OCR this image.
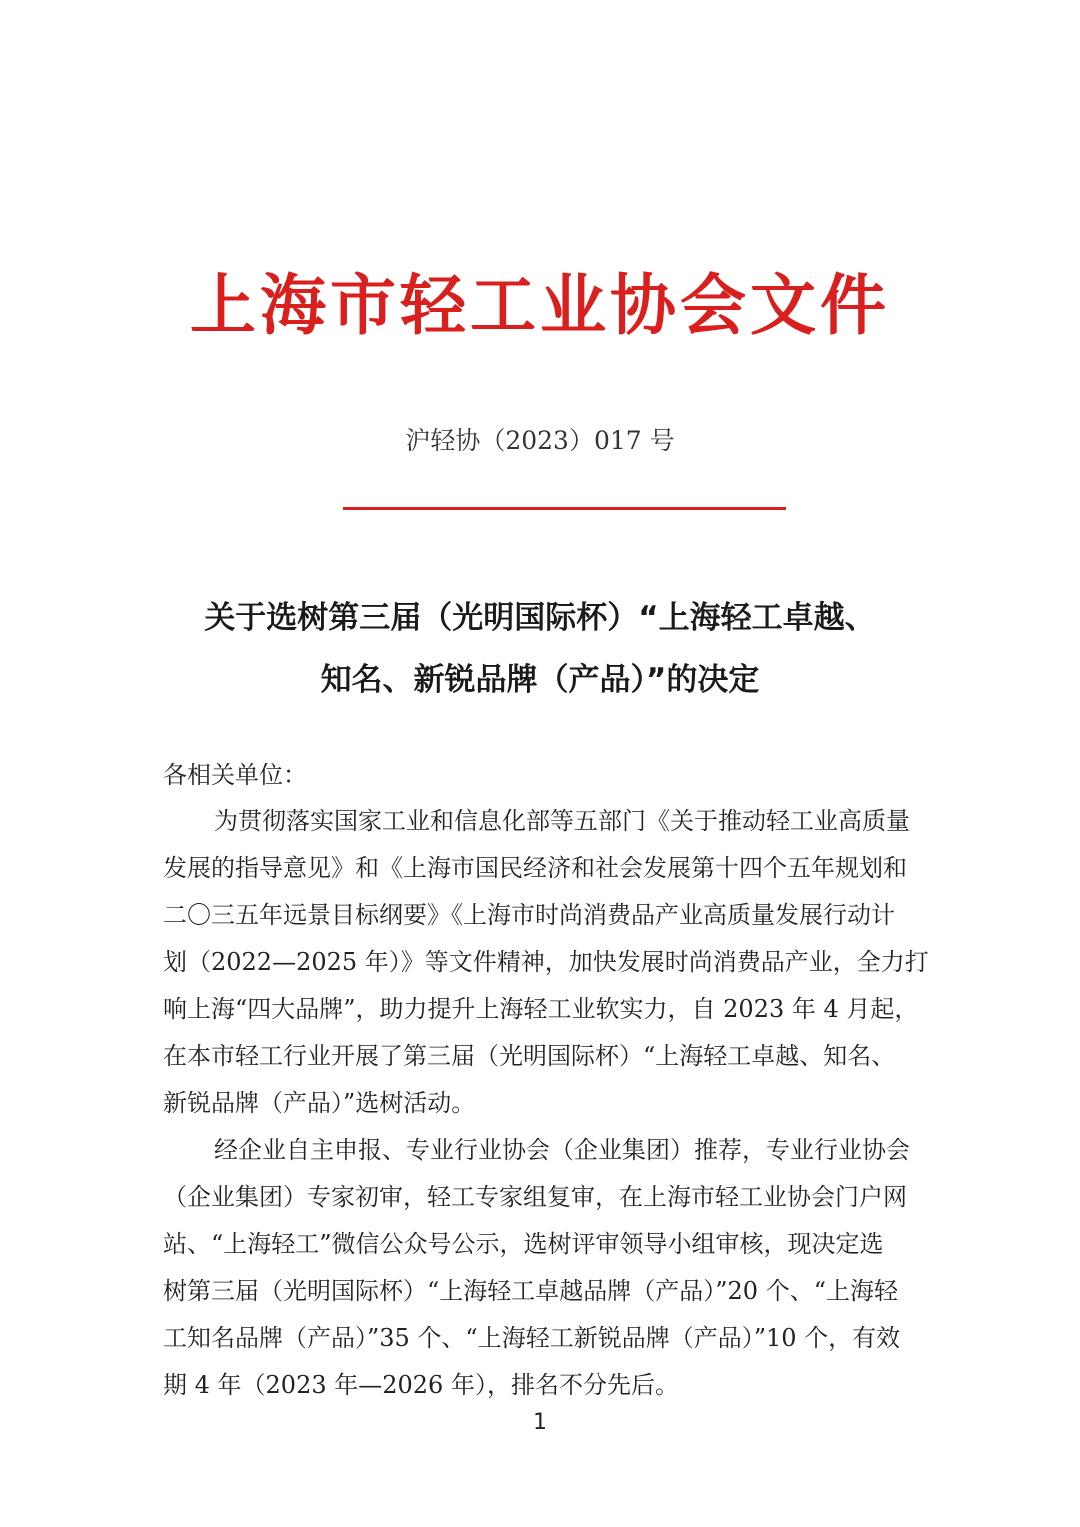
上海市轻工业协会文件
沪轻协（2023）017 号
关于选树第三届（光明国际杯）“上海轻工卓越、
知名、新锐品牌（产品）”的决定
各相关单位：
为贯彻落实国家工业和信息化部等五部门《关于推动轻工业高质量
发展的指导意见》和《上海市国民经济和社会发展第十四个五年规划和
二〇三五年远景目标纲要》《上海市时尚消费品产业高质量发展行动计
划（2022—2025 年）》等文件精神，加快发展时尚消费品产业，全力打
响上海“四大品牌”，助力提升上海轻工业软实力，自 2023 年 4 月起，
在本市轻工行业开展了第三届（光明国际杯）“上海轻工卓越、知名、
新锐品牌（产品）”选树活动。
经企业自主申报、专业行业协会（企业集团）推荐，专业行业协会
（企业集团）专家初审，轻工专家组复审，在上海市轻工业协会门户网
站、“上海轻工”微信公众号公示，选树评审领导小组审核，现决定选
树第三届（光明国际杯）“上海轻工卓越品牌（产品）”20 个、“上海轻
工知名品牌（产品）”35 个、“上海轻工新锐品牌（产品）”10 个，有效
期 4 年（2023 年—2026 年），排名不分先后。
1
